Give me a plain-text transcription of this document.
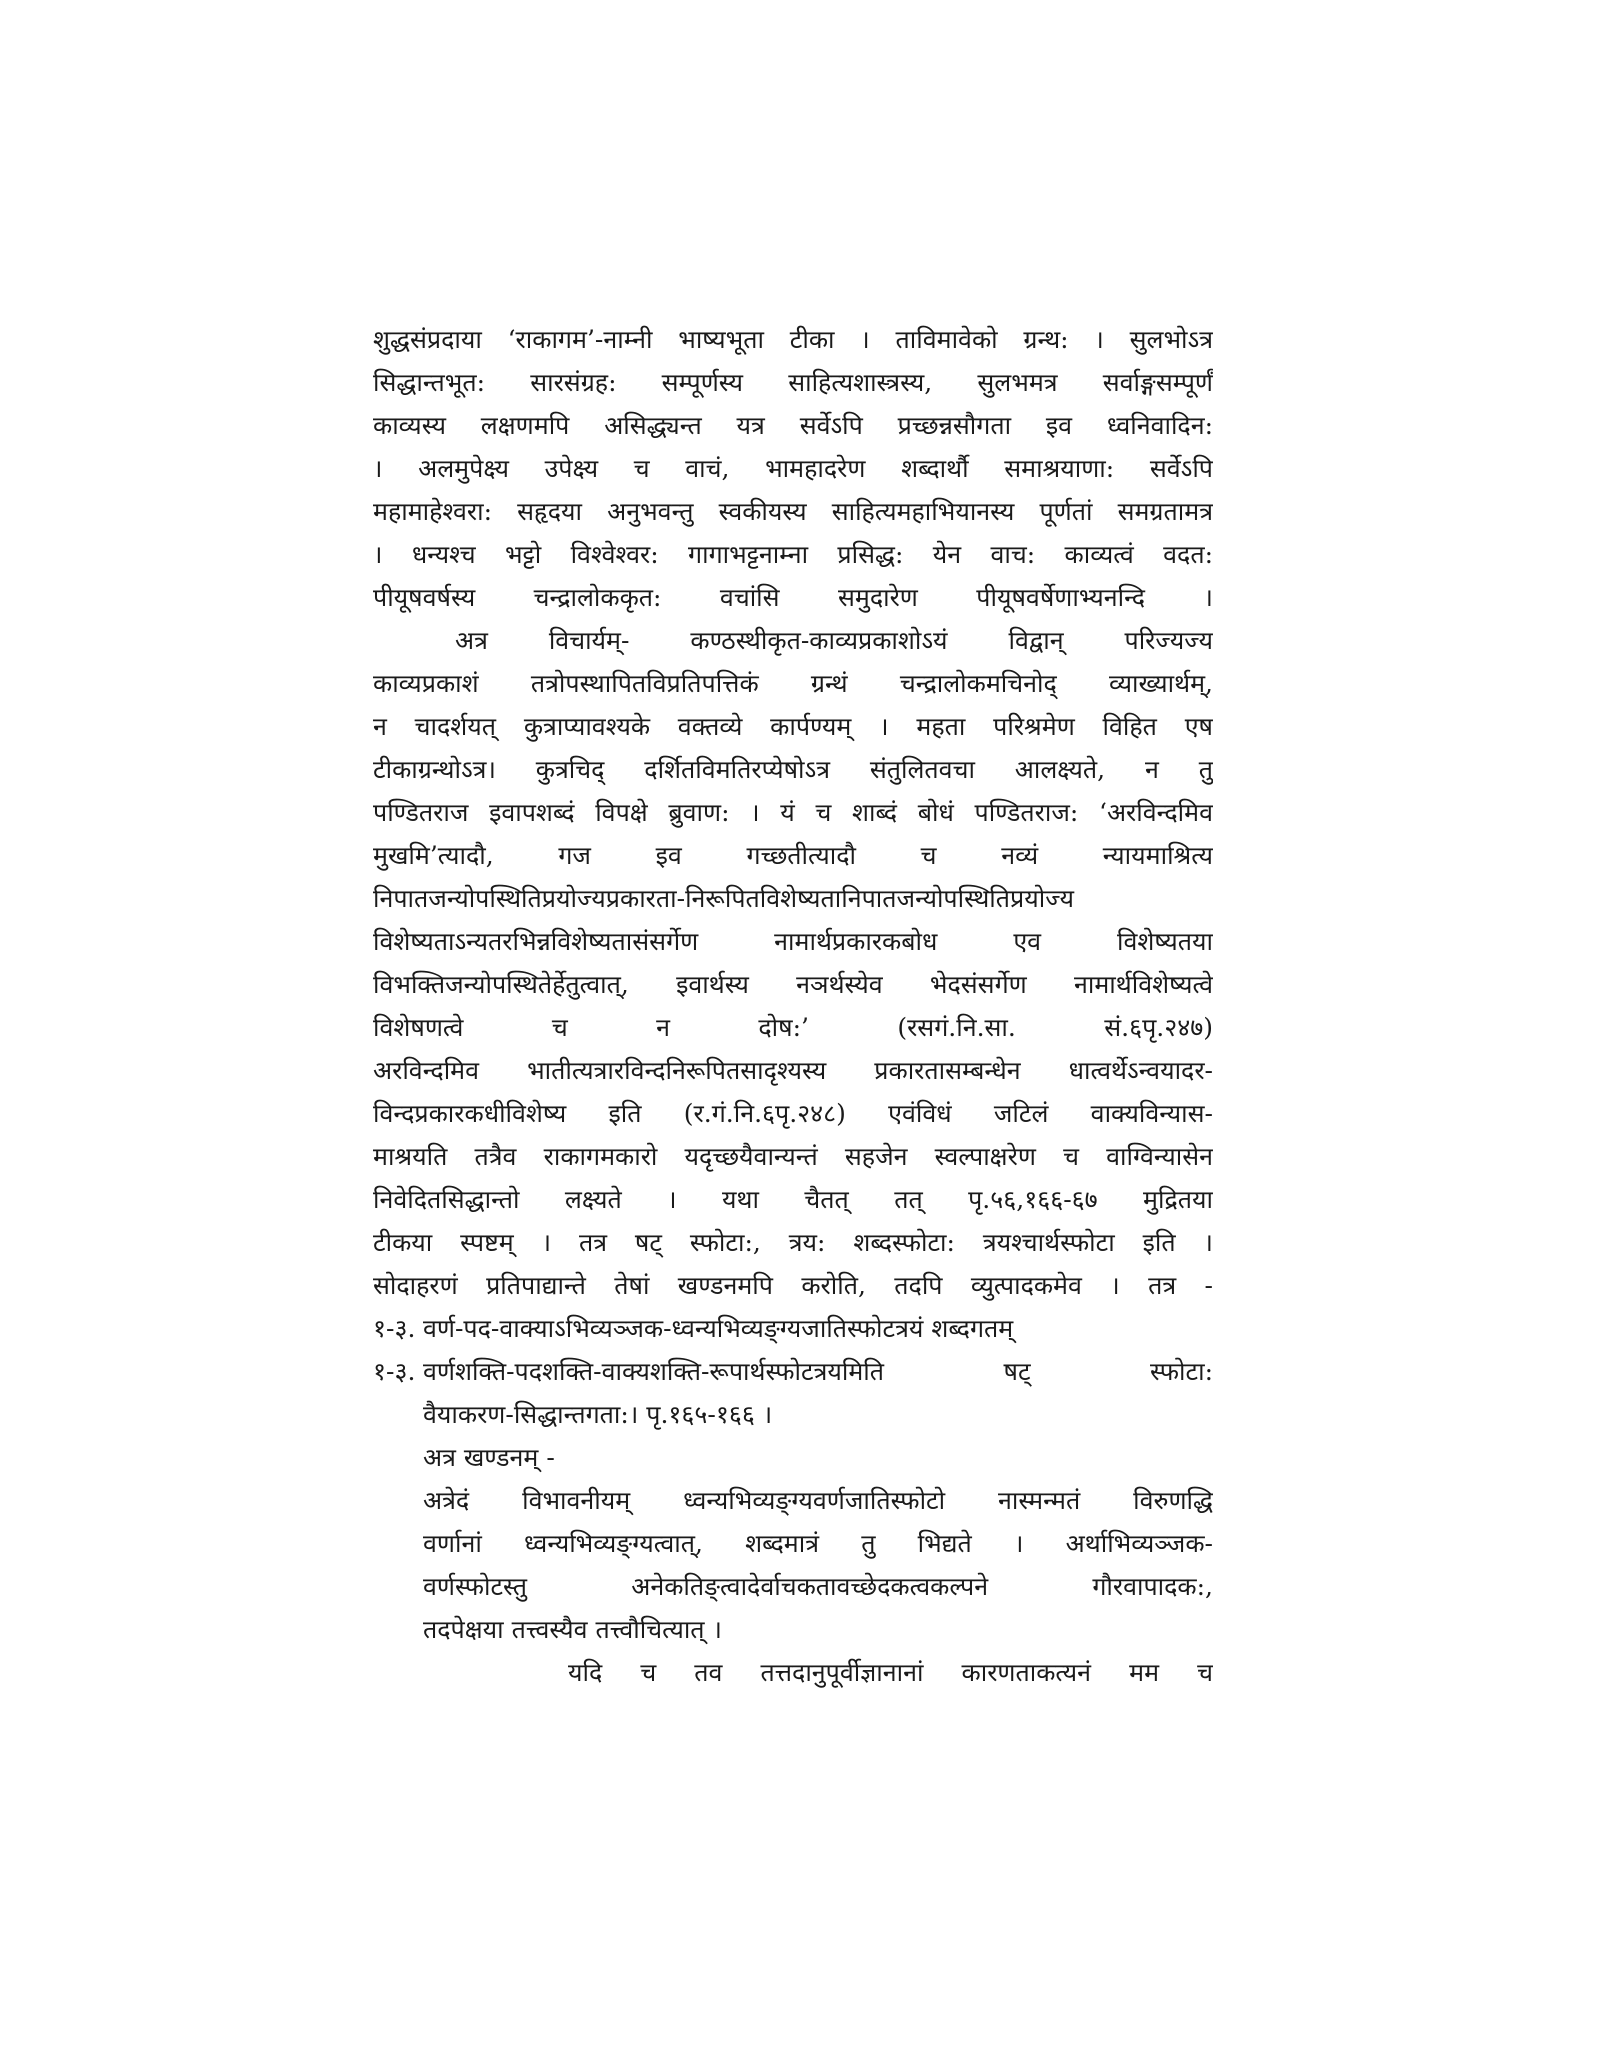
शुद्धसंप्रदाया ‘राकागम’-नाम्नी भाष्यभूता टीका । ताविमावेको ग्रन्थ: । सुलभोऽत्र
सिद्धान्तभूत: सारसंग्रह: सम्पूर्णस्य साहित्यशास्त्रस्य, सुलभमत्र सर्वाङ्गसम्पूर्णं
काव्यस्य लक्षणमपि असिद्ध्यन्त यत्र सर्वेऽपि प्रच्छन्नसौगता इव ध्वनिवादिन:
। अलमुपेक्ष्य उपेक्ष्य च वाचं, भामहादरेण शब्दार्थौ समाश्रयाणा: सर्वेऽपि
महामाहेश्वरा: सहृदया अनुभवन्तु स्वकीयस्य साहित्यमहाभियानस्य पूर्णतां समग्रतामत्र
। धन्यश्च भट्टो विश्वेश्वर: गागाभट्टनाम्ना प्रसिद्ध: येन वाच: काव्यत्वं वदत:
पीयूषवर्षस्य चन्द्रालोककृत: वचांसि समुदारेण पीयूषवर्षेणाभ्यनन्दि ।
अत्र विचार्यम्- कण्ठस्थीकृत-काव्यप्रकाशोऽयं विद्वान् परिज्यज्य
काव्यप्रकाशं तत्रोपस्थापितविप्रतिपत्तिकं ग्रन्थं चन्द्रालोकमचिनोद् व्याख्यार्थम्,
न चादर्शयत् कुत्राप्यावश्यके वक्तव्ये कार्पण्यम् । महता परिश्रमेण विहित एष
टीकाग्रन्थोऽत्र। कुत्रचिद् दर्शितविमतिरप्येषोऽत्र संतुलितवचा आलक्ष्यते, न तु
पण्डितराज इवापशब्दं विपक्षे ब्रुवाण: । यं च शाब्दं बोधं पण्डितराज: ‘अरविन्दमिव
मुखमि’त्यादौ, गज इव गच्छतीत्यादौ च नव्यं न्यायमाश्रित्य
निपातजन्योपस्थितिप्रयोज्यप्रकारता-निरूपितविशेष्यतानिपातजन्योपस्थितिप्रयोज्य
विशेष्यताऽन्यतरभिन्नविशेष्यतासंसर्गेण नामार्थप्रकारकबोध एव विशेष्यतया
विभक्तिजन्योपस्थितेर्हेतुत्वात्, इवार्थस्य नञर्थस्येव भेदसंसर्गेण नामार्थविशेष्यत्वे
विशेषणत्वे च न दोष:’ (रसगं.नि.सा. सं.६पृ.२४७)
अरविन्दमिव भातीत्यत्रारविन्दनिरूपितसादृश्यस्य प्रकारतासम्बन्धेन धात्वर्थेऽन्वयादर-
विन्दप्रकारकधीविशेष्य इति (र.गं.नि.६पृ.२४८) एवंविधं जटिलं वाक्यविन्यास-
माश्रयति तत्रैव राकागमकारो यदृच्छयैवान्यन्तं सहजेन स्वल्पाक्षरेण च वाग्विन्यासेन
निवेदितसिद्धान्तो लक्ष्यते । यथा चैतत् तत् पृ.५६,१६६-६७ मुद्रितया
टीकया स्पष्टम् । तत्र षट् स्फोटा:, त्रय: शब्दस्फोटा: त्रयश्चार्थस्फोटा इति ।
सोदाहरणं प्रतिपाद्यान्ते तेषां खण्डनमपि करोति, तदपि व्युत्पादकमेव । तत्र -
१-३. वर्ण-पद-वाक्याऽभिव्यञ्जक-ध्वन्यभिव्यङ्ग्यजातिस्फोटत्रयं शब्दगतम्
१-३. वर्णशक्ति-पदशक्ति-वाक्यशक्ति-रूपार्थस्फोटत्रयमिति षट् स्फोटा:
वैयाकरण-सिद्धान्तगता:। पृ.१६५-१६६ ।
अत्र खण्डनम् -
अत्रेदं विभावनीयम् ध्वन्यभिव्यङ्ग्यवर्णजातिस्फोटो नास्मन्मतं विरुणद्धि
वर्णानां ध्वन्यभिव्यङ्ग्यत्वात्, शब्दमात्रं तु भिद्यते । अर्थाभिव्यञ्जक-
वर्णस्फोटस्तु अनेकतिङ्त्वादेर्वाचकतावच्छेदकत्वकल्पने गौरवापादक:,
तदपेक्षया तत्त्वस्यैव तत्त्वौचित्यात् ।
यदि च तव तत्तदानुपूर्वीज्ञानानां कारणताकत्यनं मम च
